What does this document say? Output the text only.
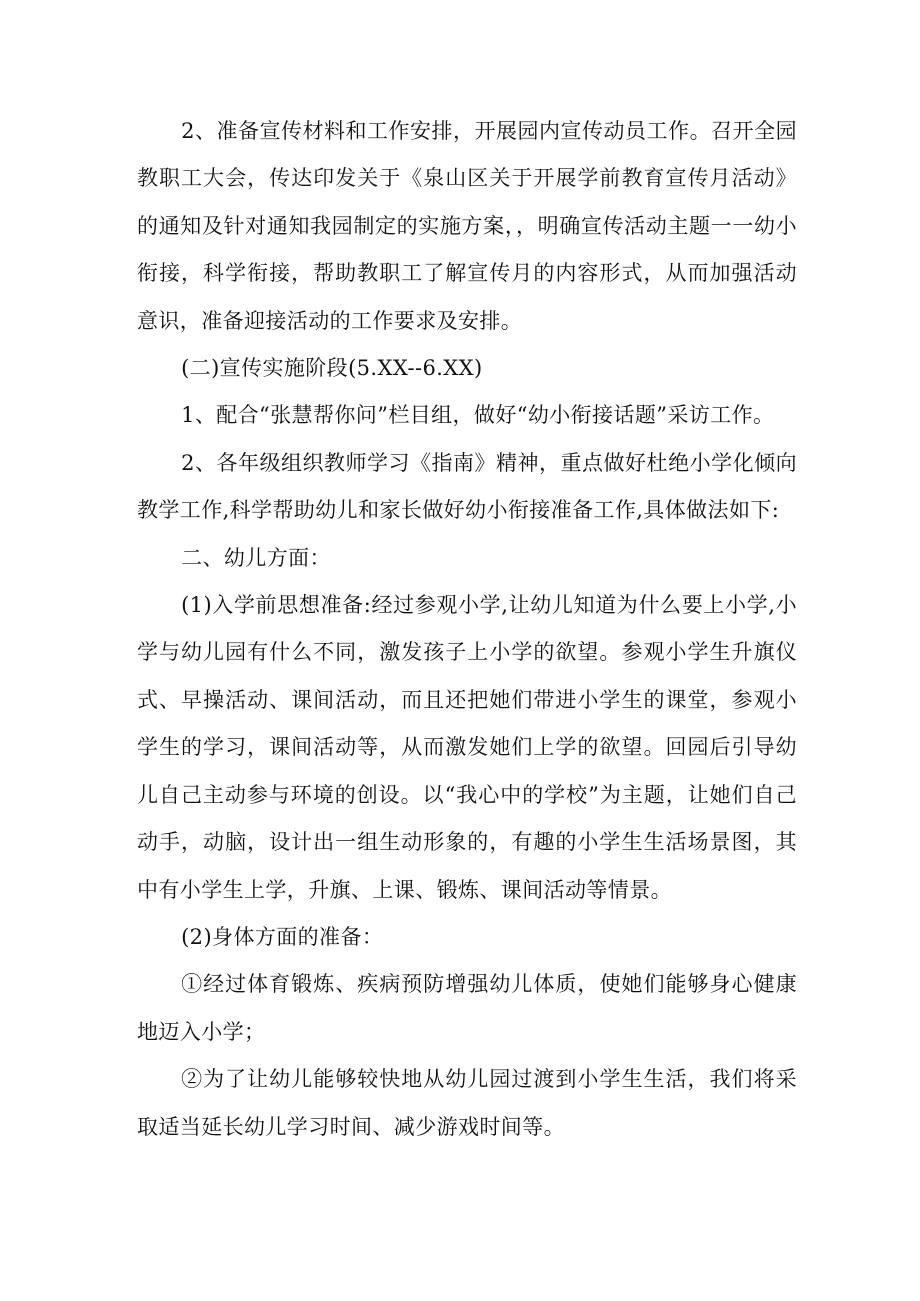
2、准备宣传材料和工作安排，开展园内宣传动员工作。召开全园教职工大会，传达印发关于《泉山区关于开展学前教育宣传月活动》的通知及针对通知我园制定的实施方案，，明确宣传活动主题一一幼小衔接，科学衔接，帮助教职工了解宣传月的内容形式，从而加强活动意识，准备迎接活动的工作要求及安排。

(二)宣传实施阶段(5.XX--6.XX)

1、配合“张慧帮你问”栏目组，做好“幼小衔接话题”采访工作。

2、各年级组织教师学习《指南》精神，重点做好杜绝小学化倾向教学工作,科学帮助幼儿和家长做好幼小衔接准备工作,具体做法如下:

二、幼儿方面：

(1)入学前思想准备:经过参观小学,让幼儿知道为什么要上小学,小学与幼儿园有什么不同，激发孩子上小学的欲望。参观小学生升旗仪式、早操活动、课间活动，而且还把她们带进小学生的课堂，参观小学生的学习，课间活动等，从而激发她们上学的欲望。回园后引导幼儿自己主动参与环境的创设。以“我心中的学校”为主题，让她们自己动手，动脑，设计出一组生动形象的，有趣的小学生生活场景图，其中有小学生上学，升旗、上课、锻炼、课间活动等情景。

(2)身体方面的准备：

①经过体育锻炼、疾病预防增强幼儿体质，使她们能够身心健康地迈入小学；

②为了让幼儿能够较快地从幼儿园过渡到小学生生活，我们将采取适当延长幼儿学习时间、减少游戏时间等。
